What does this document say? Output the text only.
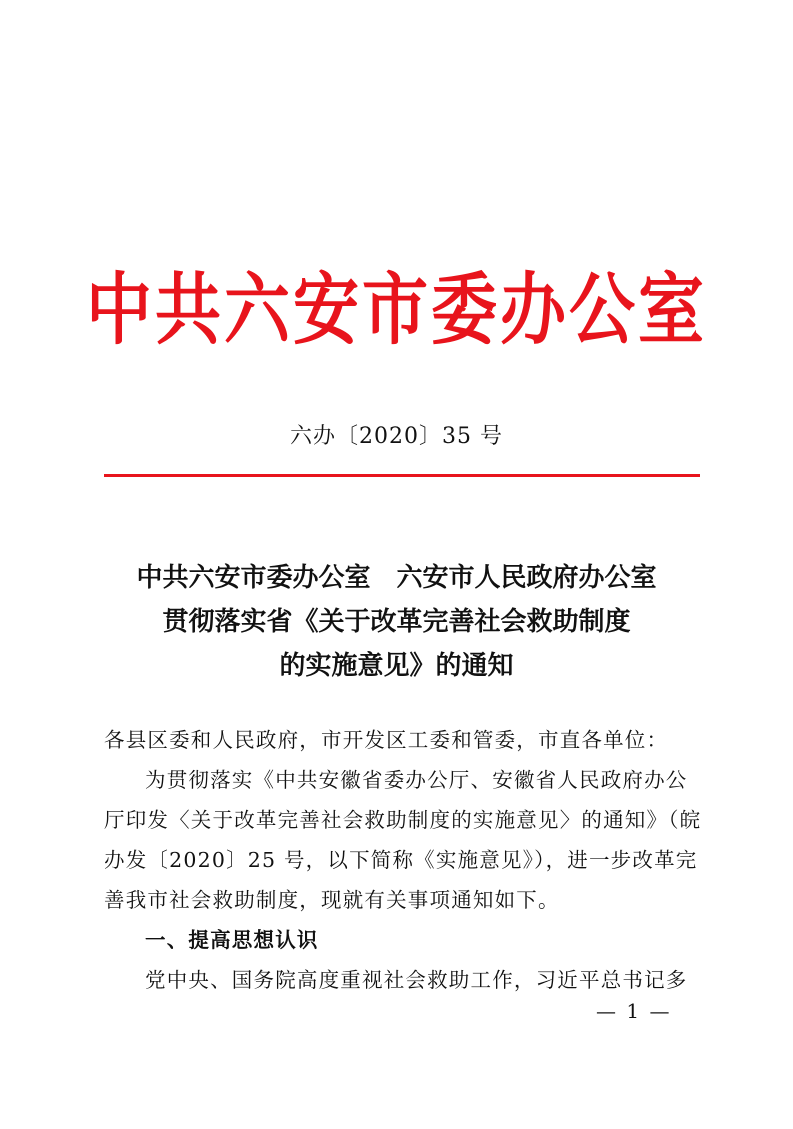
中共六安市委办公室
六办〔2020〕35 号
中共六安市委办公室 六安市人民政府办公室
贯彻落实省《关于改革完善社会救助制度
的实施意见》的通知

各县区委和人民政府，市开发区工委和管委，市直各单位：

为贯彻落实《中共安徽省委办公厅、安徽省人民政府办公
厅印发〈关于改革完善社会救助制度的实施意见〉的通知》（皖
办发〔2020〕25 号，以下简称《实施意见》），进一步改革完
善我市社会救助制度，现就有关事项通知如下。

一、提高思想认识

党中央、国务院高度重视社会救助工作，习近平总书记多

— 1 —
